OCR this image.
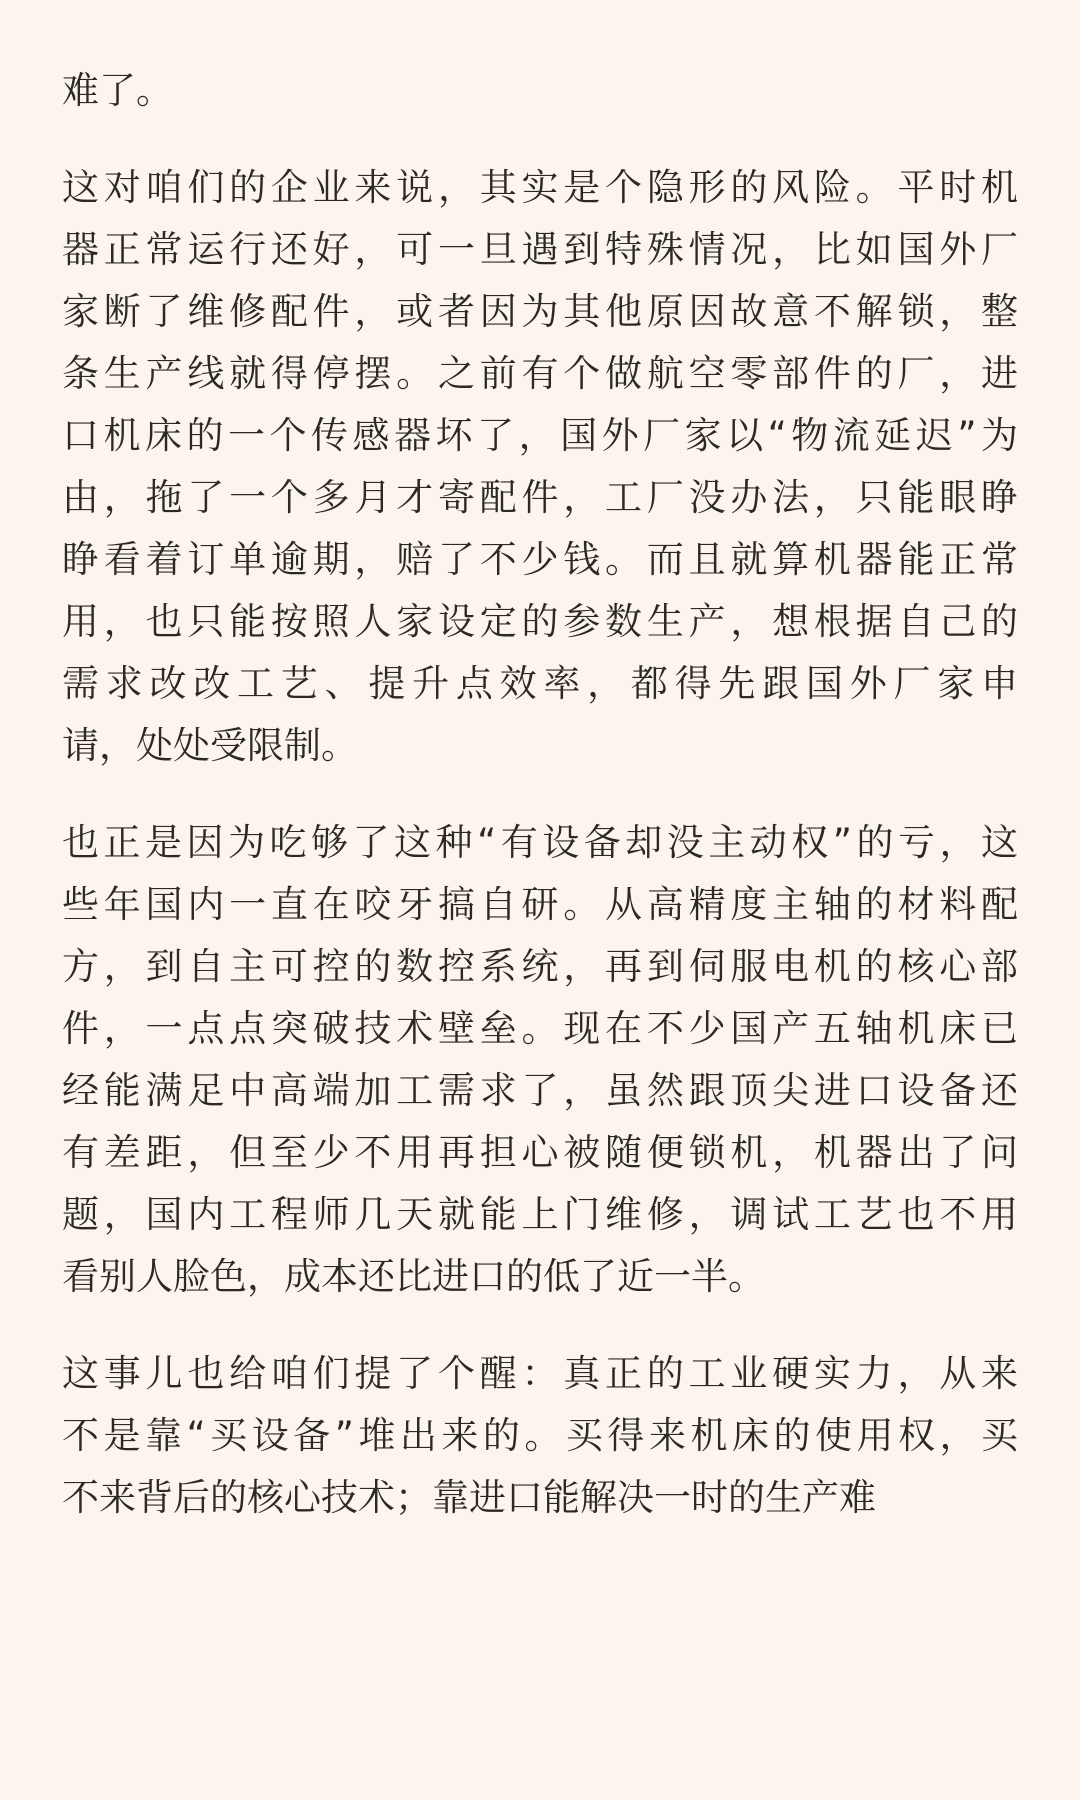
难了。
这对咱们的企业来说，其实是个隐形的风险。平时机
器正常运行还好，可一旦遇到特殊情况，比如国外厂
家断了维修配件，或者因为其他原因故意不解锁，整
条生产线就得停摆。之前有个做航空零部件的厂，进
口机床的一个传感器坏了，国外厂家以“物流延迟”为
由，拖了一个多月才寄配件，工厂没办法，只能眼睁
睁看着订单逾期，赔了不少钱。而且就算机器能正常
用，也只能按照人家设定的参数生产，想根据自己的
需求改改工艺、提升点效率，都得先跟国外厂家申
请，处处受限制。
也正是因为吃够了这种“有设备却没主动权”的亏，这
些年国内一直在咬牙搞自研。从高精度主轴的材料配
方，到自主可控的数控系统，再到伺服电机的核心部
件，一点点突破技术壁垒。现在不少国产五轴机床已
经能满足中高端加工需求了，虽然跟顶尖进口设备还
有差距，但至少不用再担心被随便锁机，机器出了问
题，国内工程师几天就能上门维修，调试工艺也不用
看别人脸色，成本还比进口的低了近一半。
这事儿也给咱们提了个醒：真正的工业硬实力，从来
不是靠“买设备”堆出来的。买得来机床的使用权，买
不来背后的核心技术；靠进口能解决一时的生产难
